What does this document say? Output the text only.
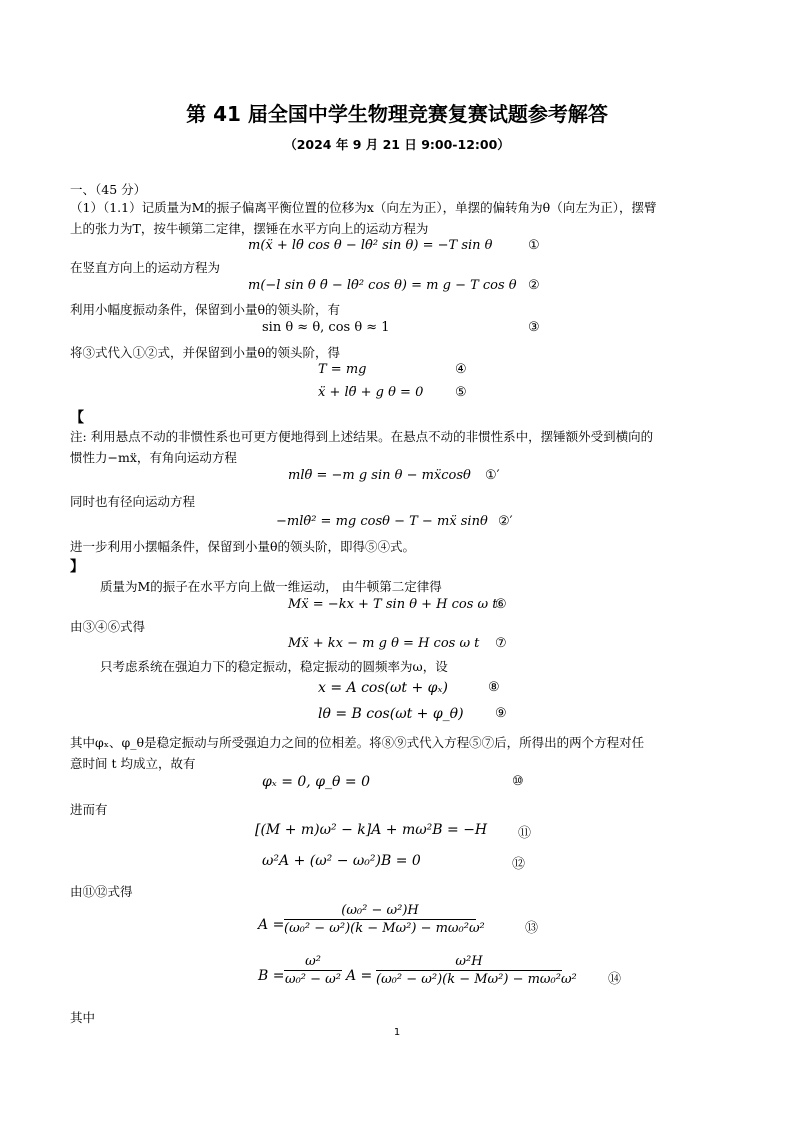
第 41 届全国中学生物理竞赛复赛试题参考解答
（2024 年 9 月 21 日 9:00-12:00）
一、（45 分）
（1）（1.1）记质量为M的振子偏离平衡位置的位移为x（向左为正），单摆的偏转角为θ（向左为正），摆臂
上的张力为T，按牛顿第二定律，摆锤在水平方向上的运动方程为
m(ẍ + lθ̈ cos θ − lθ̇² sin θ) = −T sin θ	①
在竖直方向上的运动方程为
m(−l sin θ θ̈ − lθ̇² cos θ) = m g − T cos θ ②
利用小幅度振动条件，保留到小量θ的领头阶，有
sin θ ≈ θ, cos θ ≈ 1	③
将③式代入①②式，并保留到小量θ的领头阶，得
T = mg	④
ẍ + lθ̈ + g θ = 0 ⑤
【
注: 利用悬点不动的非惯性系也可更方便地得到上述结果。在悬点不动的非惯性系中，摆锤额外受到横向的
惯性力−mẍ，有角向运动方程
mlθ̈ = −m g sin θ − mẍcosθ ①′
同时也有径向运动方程
−mlθ̇² = mg cosθ − T − mẍ sinθ ②′
进一步利用小摆幅条件，保留到小量θ的领头阶，即得⑤④式。
】
质量为M的振子在水平方向上做一维运动， 由牛顿第二定律得
Mẍ = −kx + T sin θ + H cos ω t
⑥
由③④⑥式得
Mẍ + kx − m g θ = H cos ω t ⑦
只考虑系统在强迫力下的稳定振动，稳定振动的圆频率为ω，设
x = A cos(ωt + φₓ)	⑧
lθ = B cos(ωt + φ_θ) ⑨
其中φₓ、φ_θ是稳定振动与所受强迫力之间的位相差。将⑧⑨式代入方程⑤⑦后，所得出的两个方程对任
意时间 t 均成立，故有
φₓ = 0, φ_θ = 0	⑩
进而有
[(M + m)ω² − k]A + mω²B = −H ⑪
ω²A + (ω² − ω₀²)B = 0	⑫
由⑪⑫式得
$A = \frac{\text{(ω₀² − ω²)H}}{\text{(ω₀² − ω²)(k − Mω²) − mω₀²ω²}}$	⑬
$B = \frac{\text{ω²}}{\text{ω₀² − ω²}}$ $A = \frac{\text{ω²H}}{\text{(ω₀² − ω²)(k − Mω²) − mω₀²ω²}}$	⑭
其中
1
